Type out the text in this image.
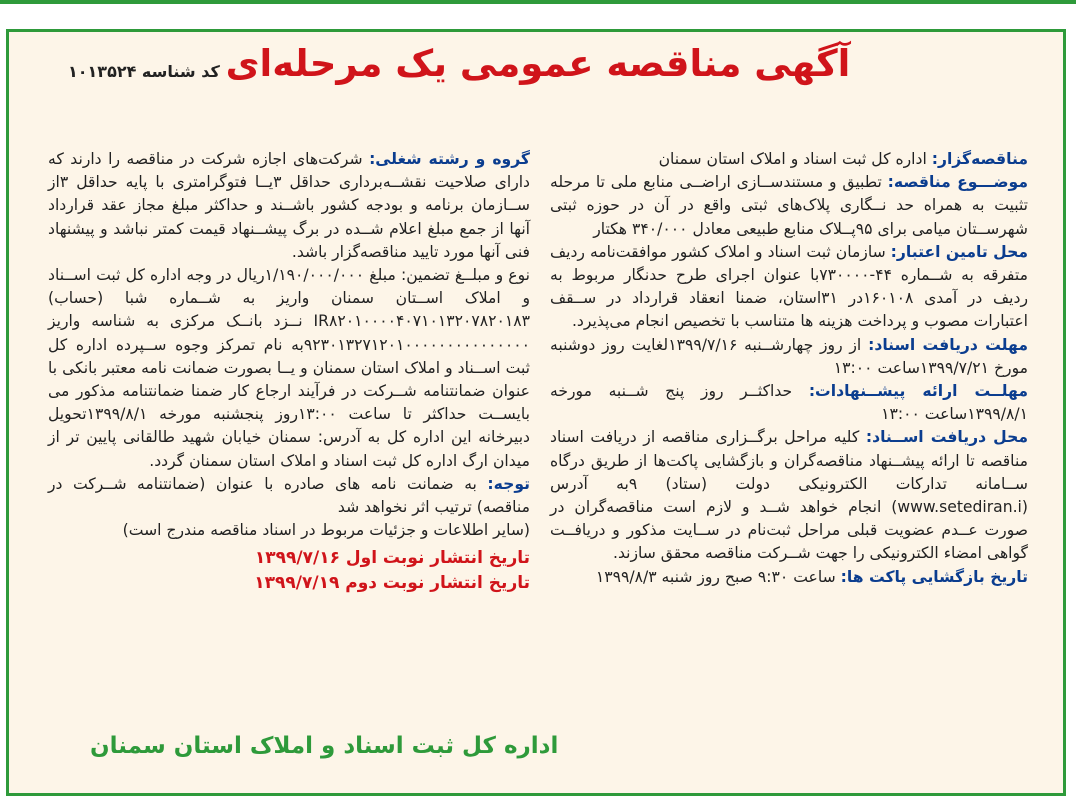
آگهی مناقصه عمومی یک مرحله‌ای
کد شناسه ۱۰۱۳۵۲۴

مناقصه‌گزار: اداره کل ثبت اسناد و املاک استان سمنان

موضـــوع مناقصه: تطبیق و مستندســازی اراضــی منابع ملی تا مرحله تثبیت به همراه حد نــگاری پلاک‌های ثبتی واقع در آن در حوزه ثبتی شهرســتان میامی برای ۹۵پــلاک منابع طبیعی معادل ۳۴۰/۰۰۰ هکتار

محل تامین اعتبار: سازمان ثبت اسناد و املاک کشور موافقت‌نامه ردیف متفرقه به شــماره ۴۴-۷۳۰۰۰۰با عنوان اجرای طرح حدنگار مربوط به ردیف در آمدی ۱۶۰۱۰۸در ۳۱استان، ضمنا انعقاد قرارداد در ســقف اعتبارات مصوب و پرداخت هزینه ها متناسب با تخصیص انجام می‌پذیرد.

مهلت دریافت اسناد: از روز چهارشــنبه ۱۳۹۹/۷/۱۶لغایت روز دوشنبه مورخ ۱۳۹۹/۷/۲۱ساعت ۱۳:۰۰

مهلــت ارائه پیشــنهادات: حداکثــر روز پنج شــنبه مورخه ۱۳۹۹/۸/۱ساعت ۱۳:۰۰

محل دریافت اســناد: کلیه مراحل برگــزاری مناقصه از دریافت اسناد مناقصه تا ارائه پیشــنهاد مناقصه‌گران و بازگشایی پاکت‌ها از طریق درگاه ســامانه تدارکات الکترونیکی دولت (ستاد) ۹به آدرس (www.setediran.i) انجام خواهد شــد و لازم است مناقصه‌گران در صورت عــدم عضویت قبلی مراحل ثبت‌نام در ســایت مذکور و دریافــت گواهی امضاء الکترونیکی را جهت شــرکت مناقصه محقق سازند.

تاریخ بازگشایی پاکت ها: ساعت ۹:۳۰ صبح روز شنبه ۱۳۹۹/۸/۳

گروه و رشته شغلی: شرکت‌های اجازه شرکت در مناقصه را دارند که دارای صلاحیت نقشــه‌برداری حداقل ۳یــا فتوگرامتری با پایه حداقل ۳از ســازمان برنامه و بودجه کشور باشــند و حداکثر مبلغ مجاز عقد قرارداد آنها از جمع مبلغ اعلام شــده در برگ پیشــنهاد قیمت کمتر نباشد و پیشنهاد فنی آنها مورد تایید مناقصه‌گزار باشد.

نوع و مبلــغ تضمین: مبلغ ۱/۱۹۰/۰۰۰/۰۰۰ریال در وجه اداره کل ثبت اســناد و املاک اســتان سمنان واریز به شــماره شبا (حساب) IR۸۲۰۱۰۰۰۰۴۰۷۱۰۱۳۲۰۷۸۲۰۱۸۳ نــزد بانــک مرکزی به شناسه واریز ۹۲۳۰۱۳۲۷۱۲۰۱۰۰۰۰۰۰۰۰۰۰۰۰۰۰۰به نام تمرکز وجوه ســپرده اداره کل ثبت اســناد و املاک استان سمنان و یــا بصورت ضمانت نامه معتبر بانکی با عنوان ضمانتنامه شــرکت در فرآیند ارجاع کار ضمنا ضمانتنامه مذکور می بایســت حداکثر تا ساعت ۱۳:۰۰روز پنجشنبه مورخه ۱۳۹۹/۸/۱تحویل دبیرخانه این اداره کل به آدرس: سمنان خیابان شهید طالقانی پایین تر از میدان ارگ اداره کل ثبت اسناد و املاک استان سمنان گردد.

توجه: به ضمانت نامه های صادره با عنوان (ضمانتنامه شــرکت در مناقصه) ترتیب اثر نخواهد شد

(سایر اطلاعات و جزئیات مربوط در اسناد مناقصه مندرج است)

تاریخ انتشار نوبت اول ۱۳۹۹/۷/۱۶

تاریخ انتشار نوبت دوم ۱۳۹۹/۷/۱۹

اداره کل ثبت اسناد و املاک استان سمنان
